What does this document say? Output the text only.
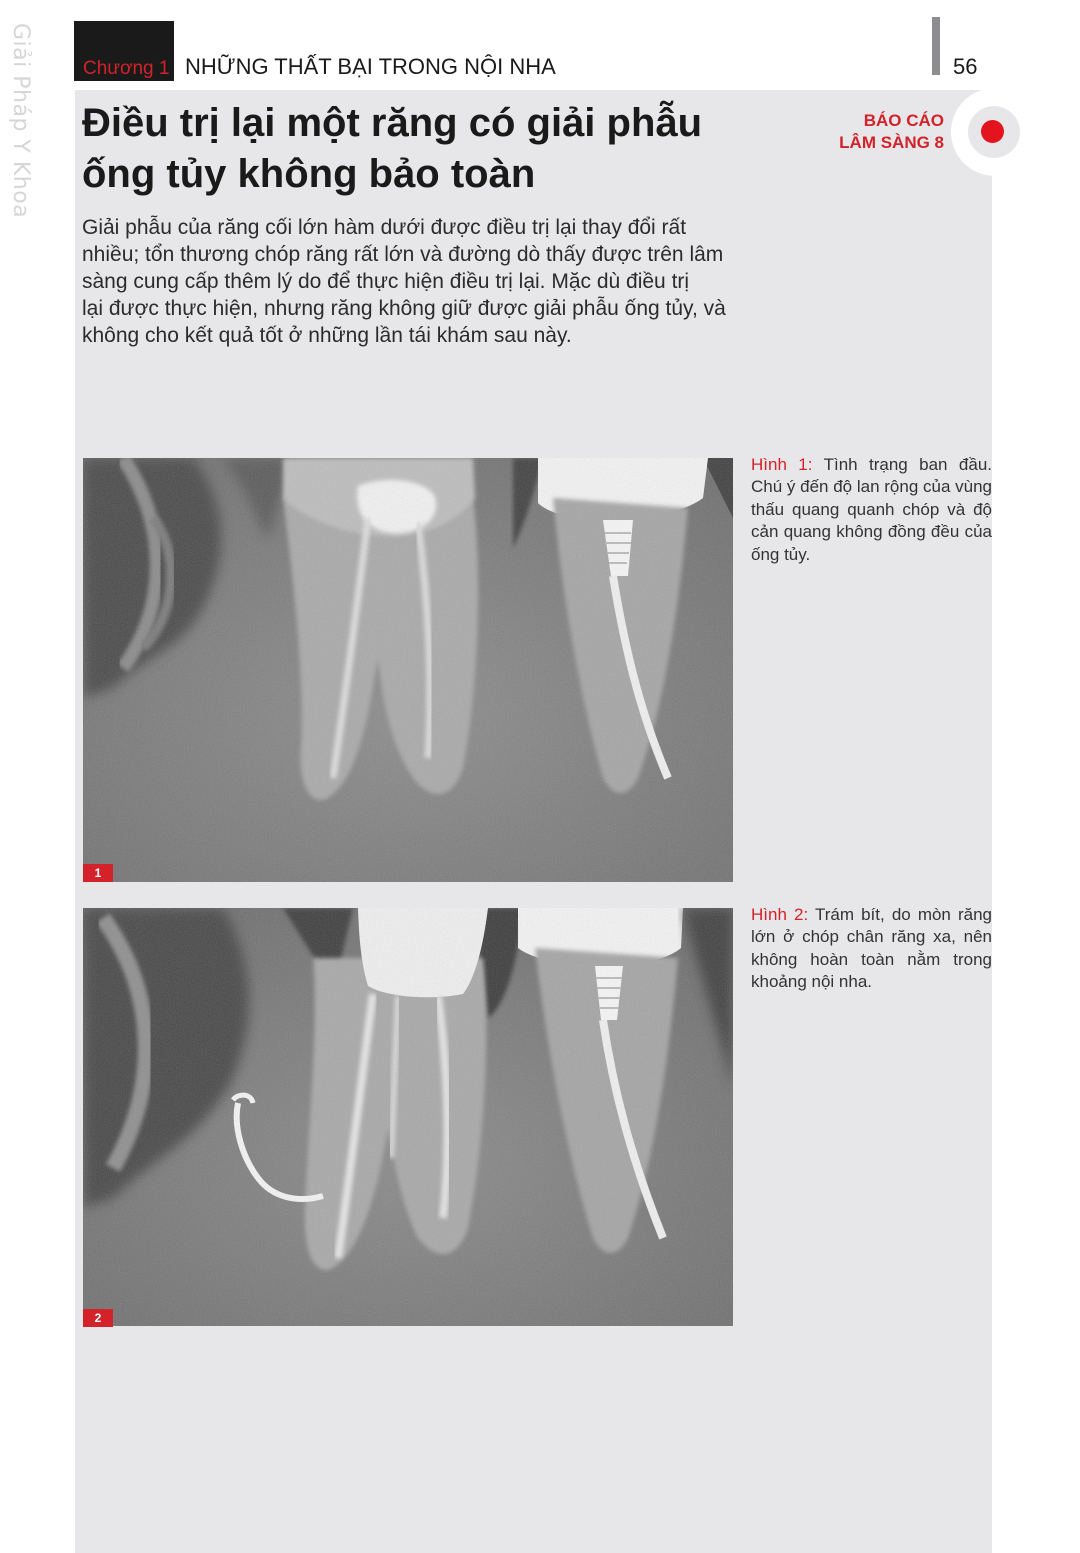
Giải Pháp Y Khoa	Chương 1 NHỮNG THẤT BẠI TRONG NỘI NHA	56
BÁO CÁO
LÂM SÀNG 8
Điều trị lại một răng có giải phẫu
ống tủy không bảo toàn

Giải phẫu của răng cối lớn hàm dưới được điều trị lại thay đổi rất
nhiều; tổn thương chóp răng rất lớn và đường dò thấy được trên lâm
sàng cung cấp thêm lý do để thực hiện điều trị lại. Mặc dù điều trị
lại được thực hiện, nhưng răng không giữ được giải phẫu ống tủy, và
không cho kết quả tốt ở những lần tái khám sau này.

1

Hình 1: Tình trạng ban đầu. Chú ý đến độ lan rộng của vùng thấu quang quanh chóp và độ cản quang không đồng đều của ống tủy.

2

Hình 2: Trám bít, do mòn răng lớn ở chóp chân răng xa, nên không hoàn toàn nằm trong khoảng nội nha.
